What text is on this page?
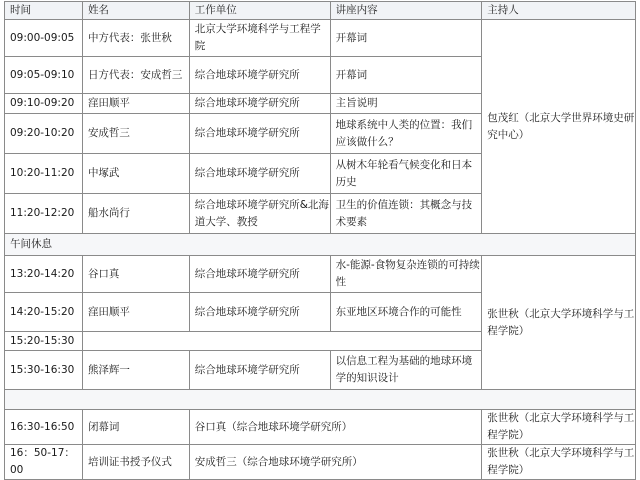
时间	姓名	工作单位	讲座内容	主持人
09:00-09:05	中方代表：张世秋	北京大学环境科学与工程学院	开幕词	包茂红（北京大学世界环境史研究中心）
09:05-09:10	日方代表：安成哲三	综合地球环境学研究所	开幕词	
09:10-09:20	窪田顺平	综合地球环境学研究所	主旨说明	
09:20-10:20	安成哲三	综合地球环境学研究所	地球系统中人类的位置：我们应该做什么？	
10:20-11:20	中塚武	综合地球环境学研究所	从树木年轮看气候变化和日本历史	
11:20-12:20	船水尚行	综合地球环境学研究所&北海道大学、教授	卫生的价值连锁：其概念与技术要素	
午间休息				
13:20-14:20	谷口真	综合地球环境学研究所	水-能源-食物复杂连锁的可持续性	张世秋（北京大学环境科学与工程学院）
14:20-15:20	窪田顺平	综合地球环境学研究所	东亚地区环境合作的可能性	
15:20-15:30				
15:30-16:30	熊泽辉一	综合地球环境学研究所	以信息工程为基础的地球环境学的知识设计	

16:30-16:50	闭幕词	谷口真（综合地球环境学研究所）		张世秋（北京大学环境科学与工程学院）
16：50-17：00	培训证书授予仪式	安成哲三（综合地球环境学研究所）		张世秋（北京大学环境科学与工程学院）
